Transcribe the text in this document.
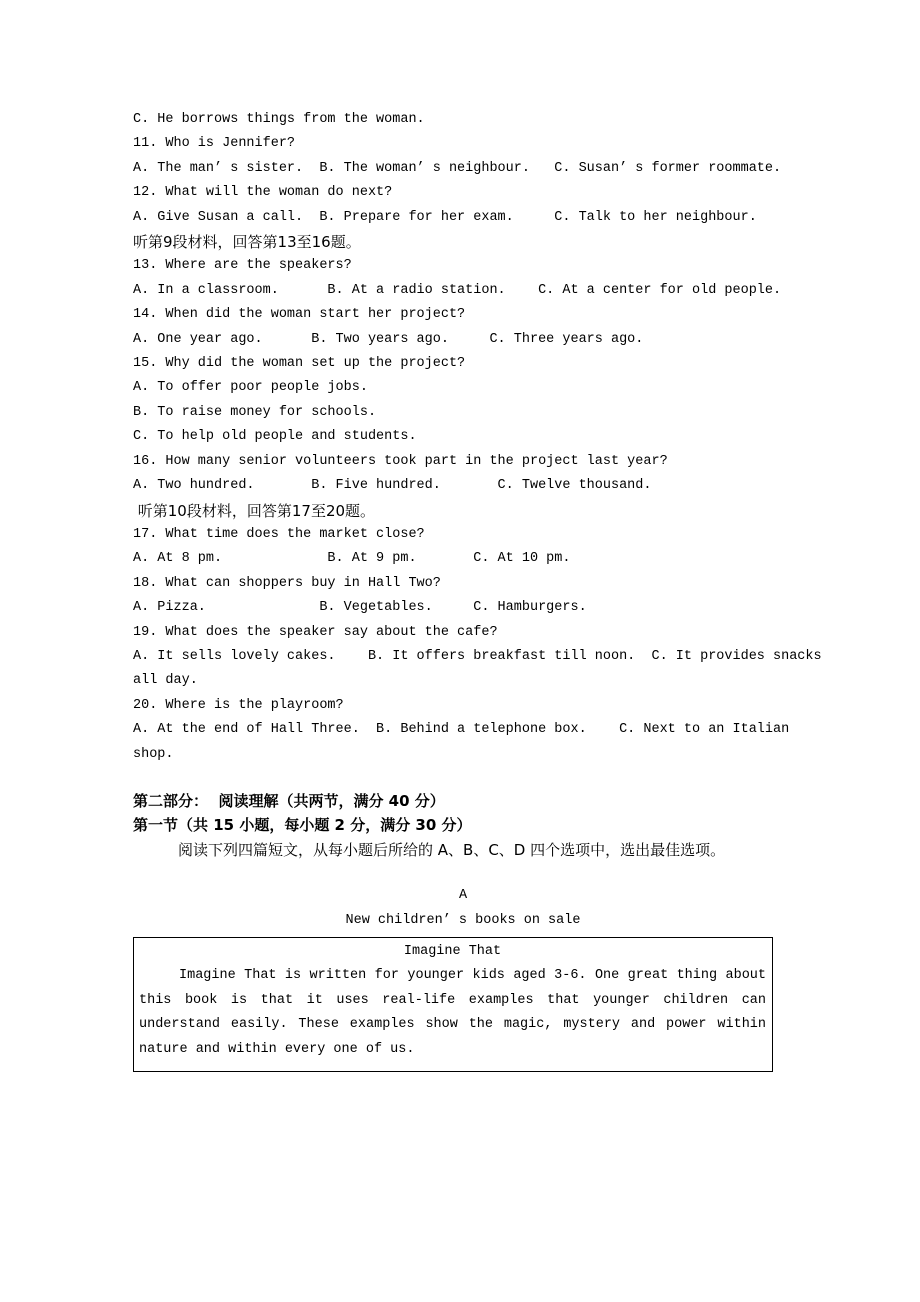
C. He borrows things from the woman.
11. Who is Jennifer?
A. The man’ s sister.  B. The woman’ s neighbour.   C. Susan’ s former roommate.
12. What will the woman do next?
A. Give Susan a call.  B. Prepare for her exam.     C. Talk to her neighbour.
听第9段材料，回答第13至16题。
13. Where are the speakers?
A. In a classroom.      B. At a radio station.    C. At a center for old people.
14. When did the woman start her project?
A. One year ago.      B. Two years ago.     C. Three years ago.
15. Why did the woman set up the project?
A. To offer poor people jobs.
B. To raise money for schools.
C. To help old people and students.
16. How many senior volunteers took part in the project last year?
A. Two hundred.       B. Five hundred.       C. Twelve thousand.
听第10段材料，回答第17至20题。
17. What time does the market close?
A. At 8 pm.             B. At 9 pm.       C. At 10 pm.
18. What can shoppers buy in Hall Two?
A. Pizza.              B. Vegetables.     C. Hamburgers.
19. What does the speaker say about the cafe?
A. It sells lovely cakes.    B. It offers breakfast till noon.  C. It provides snacks
all day.
20. Where is the playroom?
A. At the end of Hall Three.  B. Behind a telephone box.    C. Next to an Italian
shop.
第二部分：  阅读理解（共两节，满分 40 分）
第一节（共 15 小题，每小题 2 分，满分 30 分）
阅读下列四篇短文，从每小题后所给的 A、B、C、D 四个选项中，选出最佳选项。
A
New children’ s books on sale
Imagine That

Imagine That is written for younger kids aged 3-6. One great thing about this book is that it uses real-life examples that younger children can understand easily. These examples show the magic, mystery and power within nature and within every one of us.
